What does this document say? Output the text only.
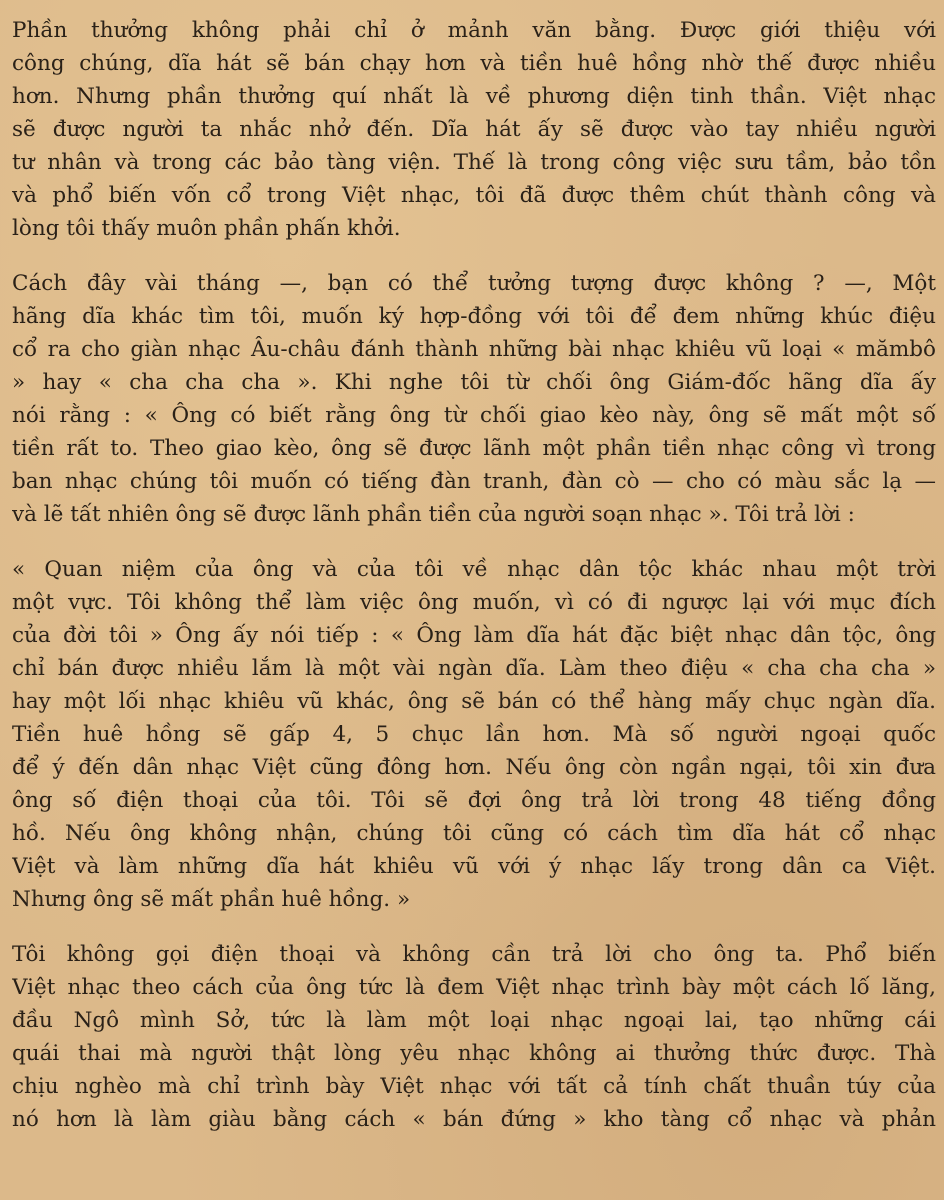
Phần thưởng không phải chỉ ở mảnh văn bằng. Được giới thiệu với
công chúng, dĩa hát sẽ bán chạy hơn và tiền huê hồng nhờ thế được nhiều
hơn. Nhưng phần thưởng quí nhất là về phương diện tinh thần. Việt nhạc
sẽ được người ta nhắc nhở đến. Dĩa hát ấy sẽ được vào tay nhiều người
tư nhân và trong các bảo tàng viện. Thế là trong công việc sưu tầm, bảo tồn
và phổ biến vốn cổ trong Việt nhạc, tôi đã được thêm chút thành công và
lòng tôi thấy muôn phần phấn khởi.
Cách đây vài tháng —, bạn có thể tưởng tượng được không ? —, Một
hãng dĩa khác tìm tôi, muốn ký hợp-đồng với tôi để đem những khúc điệu
cổ ra cho giàn nhạc Âu-châu đánh thành những bài nhạc khiêu vũ loại « mămbô
» hay « cha cha cha ». Khi nghe tôi từ chối ông Giám-đốc hãng dĩa ấy
nói rằng : « Ông có biết rằng ông từ chối giao kèo này, ông sẽ mất một số
tiền rất to. Theo giao kèo, ông sẽ được lãnh một phần tiền nhạc công vì trong
ban nhạc chúng tôi muốn có tiếng đàn tranh, đàn cò — cho có màu sắc lạ —
và lẽ tất nhiên ông sẽ được lãnh phần tiền của người soạn nhạc ». Tôi trả lời :
« Quan niệm của ông và của tôi về nhạc dân tộc khác nhau một trời
một vực. Tôi không thể làm việc ông muốn, vì có đi ngược lại với mục đích
của đời tôi » Ông ấy nói tiếp : « Ông làm dĩa hát đặc biệt nhạc dân tộc, ông
chỉ bán được nhiều lắm là một vài ngàn dĩa. Làm theo điệu « cha cha cha »
hay một lối nhạc khiêu vũ khác, ông sẽ bán có thể hàng mấy chục ngàn dĩa.
Tiền huê hồng sẽ gấp 4, 5 chục lần hơn. Mà số người ngoại quốc
để ý đến dân nhạc Việt cũng đông hơn. Nếu ông còn ngần ngại, tôi xin đưa
ông số điện thoại của tôi. Tôi sẽ đợi ông trả lời trong 48 tiếng đồng
hồ. Nếu ông không nhận, chúng tôi cũng có cách tìm dĩa hát cổ nhạc
Việt và làm những dĩa hát khiêu vũ với ý nhạc lấy trong dân ca Việt.
Nhưng ông sẽ mất phần huê hồng. »
Tôi không gọi điện thoại và không cần trả lời cho ông ta. Phổ biến
Việt nhạc theo cách của ông tức là đem Việt nhạc trình bày một cách lố lăng,
đầu Ngô mình Sở, tức là làm một loại nhạc ngoại lai, tạo những cái
quái thai mà người thật lòng yêu nhạc không ai thưởng thức được. Thà
chịu nghèo mà chỉ trình bày Việt nhạc với tất cả tính chất thuần túy của
nó hơn là làm giàu bằng cách « bán đứng » kho tàng cổ nhạc và phản
